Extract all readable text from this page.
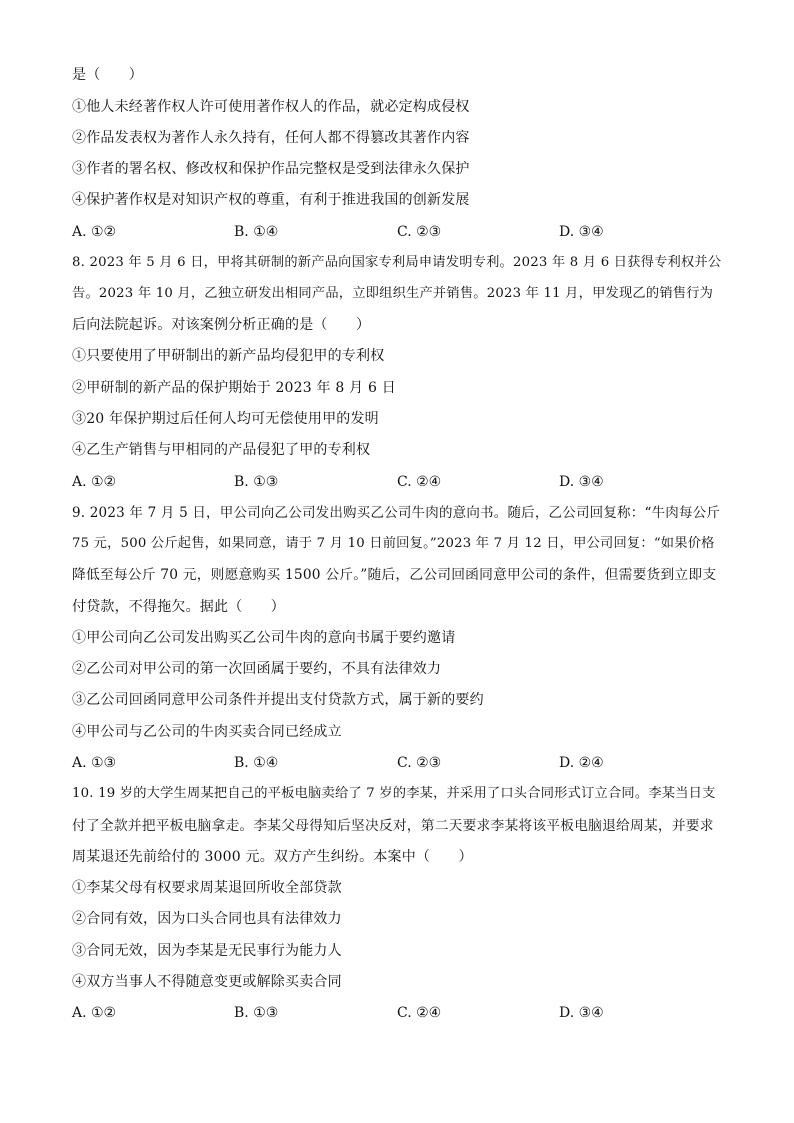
是（　　）
①他人未经著作权人许可使用著作权人的作品，就必定构成侵权
②作品发表权为著作人永久持有，任何人都不得篡改其著作内容
③作者的署名权、修改权和保护作品完整权是受到法律永久保护
④保护著作权是对知识产权的尊重，有利于推进我国的创新发展
A. ①②	B. ①④	C. ②③	D. ③④
8. 2023 年 5 月 6 日，甲将其研制的新产品向国家专利局申请发明专利。2023 年 8 月 6 日获得专利权并公
告。2023 年 10 月，乙独立研发出相同产品，立即组织生产并销售。2023 年 11 月，甲发现乙的销售行为
后向法院起诉。对该案例分析正确的是（　　）
①只要使用了甲研制出的新产品均侵犯甲的专利权
②甲研制的新产品的保护期始于 2023 年 8 月 6 日
③20 年保护期过后任何人均可无偿使用甲的发明
④乙生产销售与甲相同的产品侵犯了甲的专利权
A. ①②	B. ①③	C. ②④	D. ③④
9. 2023 年 7 月 5 日，甲公司向乙公司发出购买乙公司牛肉的意向书。随后，乙公司回复称：“牛肉每公斤
75 元，500 公斤起售，如果同意，请于 7 月 10 日前回复。”2023 年 7 月 12 日，甲公司回复：“如果价格
降低至每公斤 70 元，则愿意购买 1500 公斤。”随后，乙公司回函同意甲公司的条件，但需要货到立即支
付贷款，不得拖欠。据此（　　）
①甲公司向乙公司发出购买乙公司牛肉的意向书属于要约邀请
②乙公司对甲公司的第一次回函属于要约，不具有法律效力
③乙公司回函同意甲公司条件并提出支付贷款方式，属于新的要约
④甲公司与乙公司的牛肉买卖合同已经成立
A. ①③	B. ①④	C. ②③	D. ②④
10. 19 岁的大学生周某把自己的平板电脑卖给了 7 岁的李某，并采用了口头合同形式订立合同。李某当日支
付了全款并把平板电脑拿走。李某父母得知后坚决反对，第二天要求李某将该平板电脑退给周某，并要求
周某退还先前给付的 3000 元。双方产生纠纷。本案中（　　）
①李某父母有权要求周某退回所收全部贷款
②合同有效，因为口头合同也具有法律效力
③合同无效，因为李某是无民事行为能力人
④双方当事人不得随意变更或解除买卖合同
A. ①②	B. ①③	C. ②④	D. ③④
